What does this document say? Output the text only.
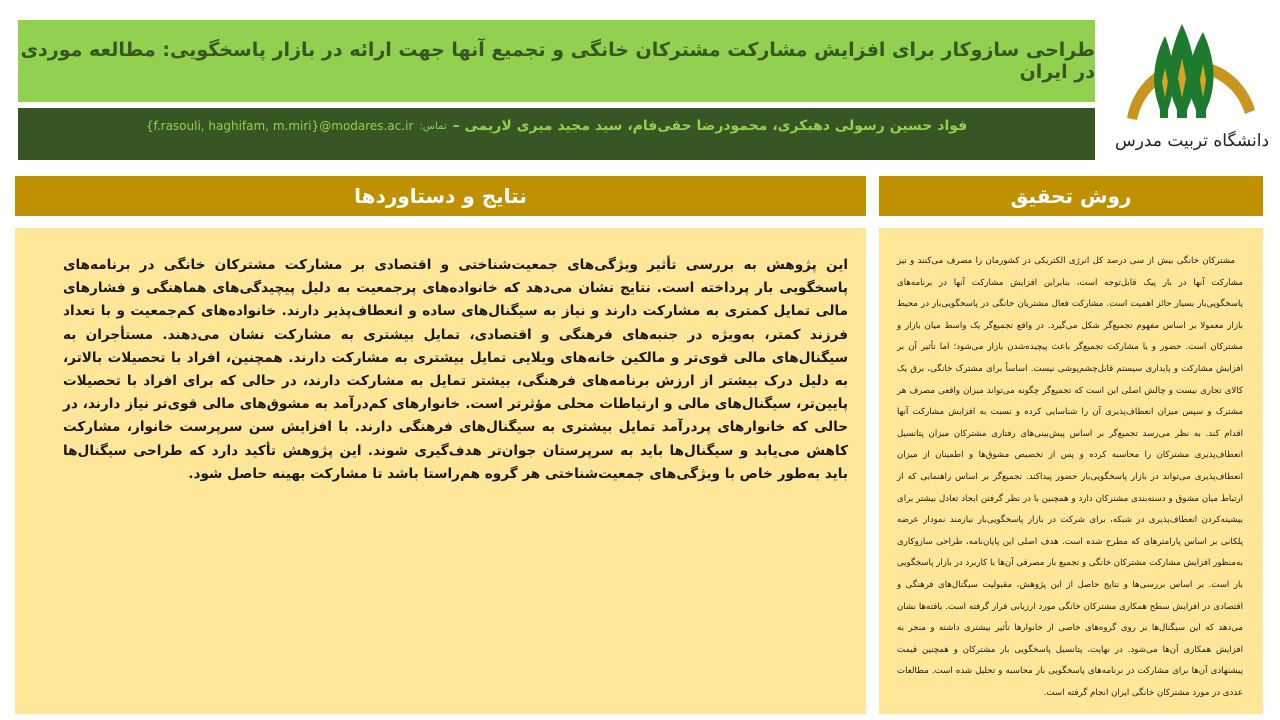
طراحی سازوکار برای افزایش مشارکت مشترکان خانگی و تجمیع آنها جهت ارائه در بازار پاسخگویی: مطالعه موردی در ایران
فواد حسین رسولی دهبکری، محمودرضا حقی‌فام، سید مجید میری لاریمی –
تماس:
{f.rasouli, haghifam, m.miri}@modares.ac.ir
دانشگاه تربیت مدرس
نتایج و دستاوردها	روش تحقیق

این پژوهش به بررسی تأثیر ویژگی‌های جمعیت‌شناختی و اقتصادی بر مشارکت مشترکان خانگی در برنامه‌های پاسخگویی بار پرداخته است. نتایج نشان می‌دهد که خانواده‌های پرجمعیت به دلیل پیچیدگی‌های هماهنگی و فشارهای مالی تمایل کمتری به مشارکت دارند و نیاز به سیگنال‌های ساده و انعطاف‌پذیر دارند. خانواده‌های کم‌جمعیت و با تعداد فرزند کمتر، به‌ویژه در جنبه‌های فرهنگی و اقتصادی، تمایل بیشتری به مشارکت نشان می‌دهند. مستأجران به سیگنال‌های مالی قوی‌تر و مالکین خانه‌های ویلایی تمایل بیشتری به مشارکت دارند. همچنین، افراد با تحصیلات بالاتر، به دلیل درک بیشتر از ارزش برنامه‌های فرهنگی، بیشتر تمایل به مشارکت دارند، در حالی که برای افراد با تحصیلات پایین‌تر، سیگنال‌های مالی و ارتباطات محلی مؤثرتر است. خانوارهای کم‌درآمد به مشوق‌های مالی قوی‌تر نیاز دارند، در حالی که خانوارهای پردرآمد تمایل بیشتری به سیگنال‌های فرهنگی دارند. با افزایش سن سرپرست خانوار، مشارکت کاهش می‌یابد و سیگنال‌ها باید به سرپرستان جوان‌تر هدف‌گیری شوند. این پژوهش تأکید دارد که طراحی سیگنال‌ها باید به‌طور خاص با ویژگی‌های جمعیت‌شناختی هر گروه هم‌راستا باشد تا مشارکت بهینه حاصل شود.

مشترکان خانگی بیش از سی درصد کل انرژی الکتریکی در کشورمان را مصرف می‌کنند و نیز مشارکت آنها در بار پیک قابل‌توجه است، بنابراین افزایش مشارکت آنها در برنامه‌های پاسخگویی‌بار بسیار حائز اهمیت است. مشارکت فعال مشتریان خانگی در پاسخگویی‌بار در محیط بازار معمولا بر اساس مفهوم تجمیع‌گر شکل می‌گیرد. در واقع تجمیع‌گر یک واسط میان بازار و مشترکان است. حضور و یا مشارکت تجمیع‌گر باعث پیچیده‌شدن بازار می‌شود؛ اما تأثیر آن بر افزایش مشارکت و پایداری سیستم قابل‌چشم‌پوشی نیست. اساساً برای مشترک خانگی، برق یک کالای تجاری نیست و چالش اصلی این است که تجمیع‌گر چگونه می‌تواند میزان واقعی مصرف هر مشترک و سپس میزان انعطاف‌پذیری آن را شناسایی کرده و نسبت به افزایش مشارکت آنها اقدام کند. به نظر می‌رسد تجمیع‌گر بر اساس پیش‌بینی‌های رفتاری مشترکان میزان پتانسیل انعطاف‌پذیری مشترکان را محاسبه کرده و پس از تخصیص مشوق‌ها و اطمینان از میزان انعطاف‌پذیری می‌تواند در بازار پاسخگویی‌بار حضور پیداکند. تجمیع‌گر بر اساس راهنمایی که از ارتباط میان مشوق و دسته‌بندی مشترکان دارد و همچنین با در نظر گرفتن ایجاد تعادل بیشتر برای بیشینه‌کردن انعطاف‌پذیری در شبکه، برای شرکت در بازار پاسخگویی‌بار نیازمند نمودار عرضه پلکانی بر اساس پارامترهای که مطرح شده است. هدف اصلی این پایان‌نامه، طراحی سازوکاری به‌منظور افزایش مشارکت مشترکان خانگی و تجمیع بار مصرفی آن‌ها با کاربرد در بازار پاسخگویی بار است. بر اساس بررسی‌ها و نتایج حاصل از این پژوهش، مقبولیت سیگنال‌های فرهنگی و اقتصادی در افزایش سطح همکاری مشترکان خانگی مورد ارزیابی قرار گرفته است. یافته‌ها نشان می‌دهد که این سیگنال‌ها بر روی گروه‌های خاصی از خانوارها تأثیر بیشتری داشته و منجر به افزایش همکاری آن‌ها می‌شود. در نهایت، پتانسیل پاسخگویی بار مشترکان و همچنین قیمت پیشنهادی آن‌ها برای مشارکت در برنامه‌های پاسخگویی بار محاسبه و تحلیل شده است. مطالعات عددی در مورد مشترکان خانگی ایران انجام گرفته است.
